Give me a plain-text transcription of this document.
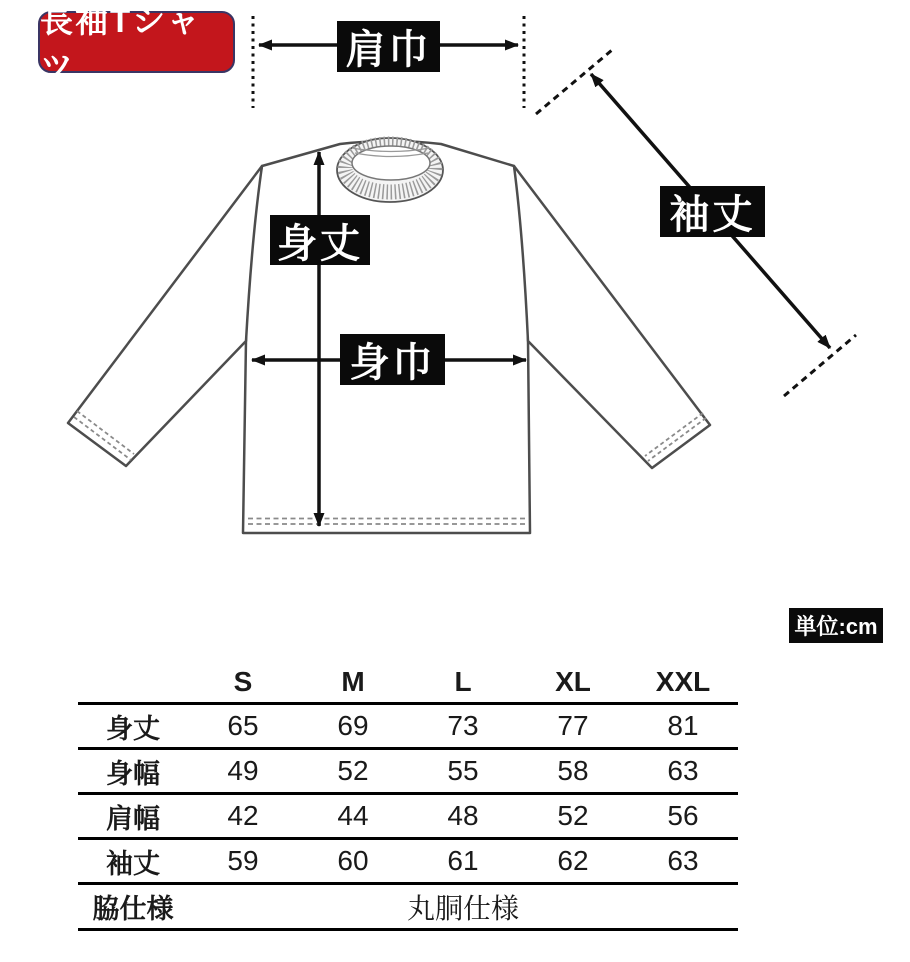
長袖Tシャツ	肩巾
袖丈
身丈
身巾
単位:cm
	S	M	L	XL	XXL
身丈	65	69	73	77	81
身幅	49	52	55	58	63
肩幅	42	44	48	52	56
袖丈	59	60	61	62	63
脇仕様	丸胴仕様				
